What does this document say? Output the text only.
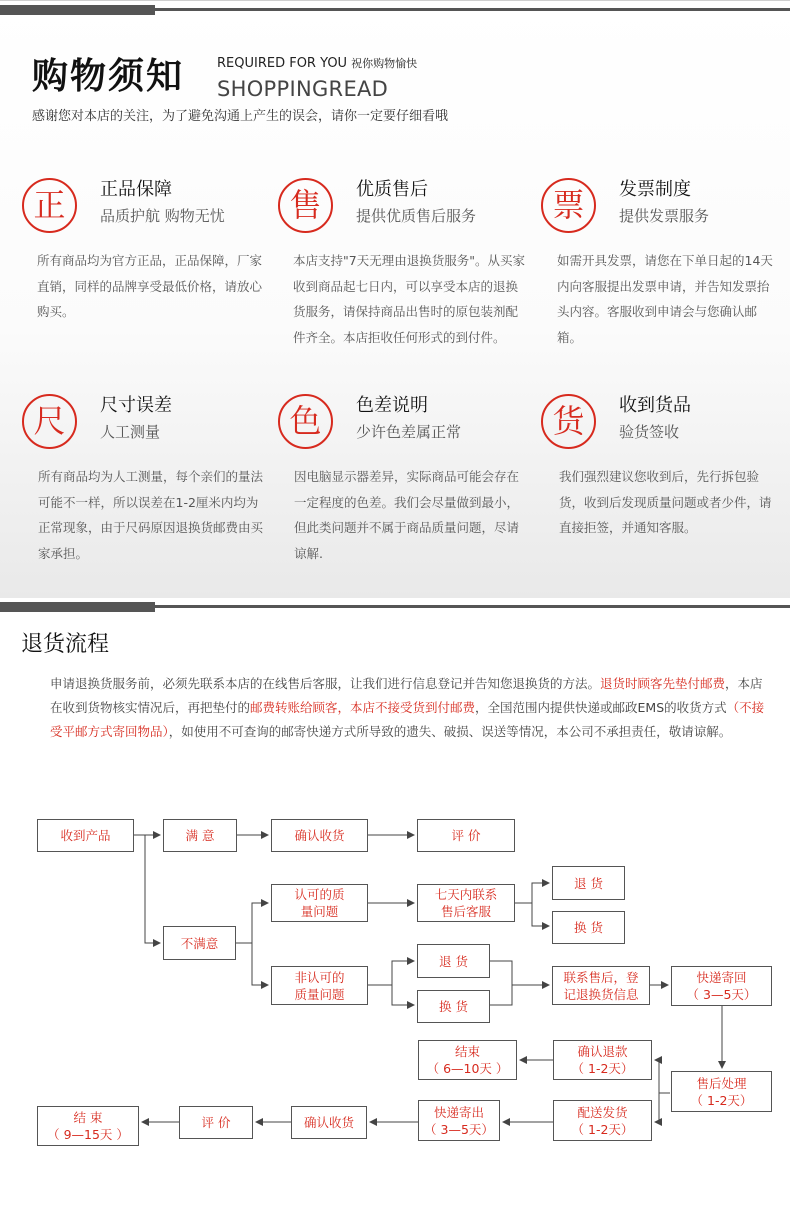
购物须知	REQUIRED FOR YOU 祝你购物愉快
SHOPPINGREAD
感谢您对本店的关注，为了避免沟通上产生的误会，请你一定要仔细看哦
正	正品保障
品质护航 购物无忧
所有商品均为官方正品，正品保障，厂家直销，同样的品牌享受最低价格，请放心购买。
售	优质售后
提供优质售后服务
本店支持"7天无理由退换货服务"。从买家收到商品起七日内，可以享受本店的退换货服务，请保持商品出售时的原包装剂配件齐全。本店拒收任何形式的到付件。
票	发票制度
提供发票服务
如需开具发票，请您在下单日起的14天内向客服提出发票申请，并告知发票抬头内容。客服收到申请会与您确认邮箱。
尺	尺寸误差
人工测量
所有商品均为人工测量，每个亲们的量法可能不一样，所以误差在1-2厘米内均为正常现象，由于尺码原因退换货邮费由买家承担。
色	色差说明
少许色差属正常
因电脑显示器差异，实际商品可能会存在一定程度的色差。我们会尽量做到最小，但此类问题并不属于商品质量问题，尽请谅解.
货	收到货品
验货签收
我们强烈建议您收到后，先行拆包验货，收到后发现质量问题或者少件，请直接拒签，并通知客服。
退货流程
申请退换货服务前，必须先联系本店的在线售后客服，让我们进行信息登记并告知您退换货的方法。退货时顾客先垫付邮费，本店在收到货物核实情况后，再把垫付的邮费转账给顾客，本店不接受货到付邮费，全国范围内提供快递或邮政EMS的收货方式（不接受平邮方式寄回物品），如使用不可查询的邮寄快递方式所导致的遗失、破损、误送等情况，本公司不承担责任，敬请谅解。
收到产品	满 意	确认收货	评 价
不满意
认可的质
量问题
七天内联系
售后客服
退 货
换 货
非认可的
质量问题
退 货
换 货
联系售后，登
记退换货信息
快递寄回
（ 3—5天）
售后处理
（ 1-2天）
确认退款
（ 1-2天）
结束
（ 6—10天 ）
配送发货
（ 1-2天）
快递寄出
（ 3—5天）
确认收货
评 价
结 束
（ 9—15天 ）
